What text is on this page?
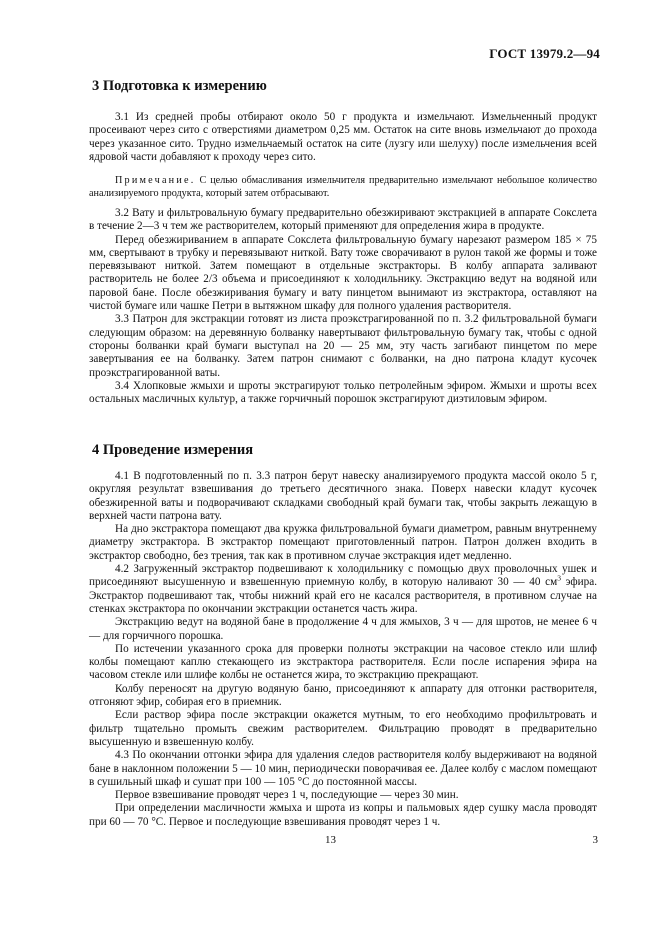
ГОСТ 13979.2—94
3 Подготовка к измерению

3.1 Из средней пробы отбирают около 50 г продукта и измельчают. Измельченный продукт просеивают через сито с отверстиями диаметром 0,25 мм. Остаток на сите вновь измельчают до прохода через указанное сито. Трудно измельчаемый остаток на сите (лузгу или шелуху) после измельчения всей ядровой части добавляют к проходу через сито.

Примечание. С целью обмасливания измельчителя предварительно измельчают небольшое количество анализируемого продукта, который затем отбрасывают.

3.2 Вату и фильтровальную бумагу предварительно обезжиривают экстракцией в аппарате Сокслета в течение 2—3 ч тем же растворителем, который применяют для определения жира в продукте.

Перед обезжириванием в аппарате Сокслета фильтровальную бумагу нарезают размером 185 × 75 мм, свертывают в трубку и перевязывают ниткой. Вату тоже сворачивают в рулон такой же формы и тоже перевязывают ниткой. Затем помещают в отдельные экстракторы. В колбу аппарата заливают растворитель не более 2/3 объема и присоединяют к холодильнику. Экстракцию ведут на водяной или паровой бане. После обезжиривания бумагу и вату пинцетом вынимают из экстрактора, оставляют на чистой бумаге или чашке Петри в вытяжном шкафу для полного удаления растворителя.

3.3 Патрон для экстракции готовят из листа проэкстрагированной по п. 3.2 фильтровальной бумаги следующим образом: на деревянную болванку навертывают фильтровальную бумагу так, чтобы с одной стороны болванки край бумаги выступал на 20 — 25 мм, эту часть загибают пинцетом по мере завертывания ее на болванку. Затем патрон снимают с болванки, на дно патрона кладут кусочек проэкстрагированной ваты.

3.4 Хлопковые жмыхи и шроты экстрагируют только петролейным эфиром. Жмыхи и шроты всех остальных масличных культур, а также горчичный порошок экстрагируют диэтиловым эфиром.

4 Проведение измерения

4.1 В подготовленный по п. 3.3 патрон берут навеску анализируемого продукта массой около 5 г, округляя результат взвешивания до третьего десятичного знака. Поверх навески кладут кусочек обезжиренной ваты и подворачивают складками свободный край бумаги так, чтобы закрыть лежащую в верхней части патрона вату.

На дно экстрактора помещают два кружка фильтровальной бумаги диаметром, равным внутреннему диаметру экстрактора. В экстрактор помещают приготовленный патрон. Патрон должен входить в экстрактор свободно, без трения, так как в противном случае экстракция идет медленно.

4.2 Загруженный экстрактор подвешивают к холодильнику с помощью двух проволочных ушек и присоединяют высушенную и взвешенную приемную колбу, в которую наливают 30 — 40 $см^3$ эфира. Экстрактор подвешивают так, чтобы нижний край его не касался растворителя, в противном случае на стенках экстрактора по окончании экстракции останется часть жира.

Экстракцию ведут на водяной бане в продолжение 4 ч для жмыхов, 3 ч — для шротов, не менее 6 ч — для горчичного порошка.

По истечении указанного срока для проверки полноты экстракции на часовое стекло или шлиф колбы помещают каплю стекающего из экстрактора растворителя. Если после испарения эфира на часовом стекле или шлифе колбы не останется жира, то экстракцию прекращают.

Колбу переносят на другую водяную баню, присоединяют к аппарату для отгонки растворителя, отгоняют эфир, собирая его в приемник.

Если раствор эфира после экстракции окажется мутным, то его необходимо профильтровать и фильтр тщательно промыть свежим растворителем. Фильтрацию проводят в предварительно высушенную и взвешенную колбу.

4.3 По окончании отгонки эфира для удаления следов растворителя колбу выдерживают на водяной бане в наклонном положении 5 — 10 мин, периодически поворачивая ее. Далее колбу с маслом помещают в сушильный шкаф и сушат при 100 — 105 °С до постоянной массы.

Первое взвешивание проводят через 1 ч, последующие — через 30 мин.

При определении масличности жмыха и шрота из копры и пальмовых ядер сушку масла проводят при 60 — 70 °С. Первое и последующие взвешивания проводят через 1 ч.

13	3
